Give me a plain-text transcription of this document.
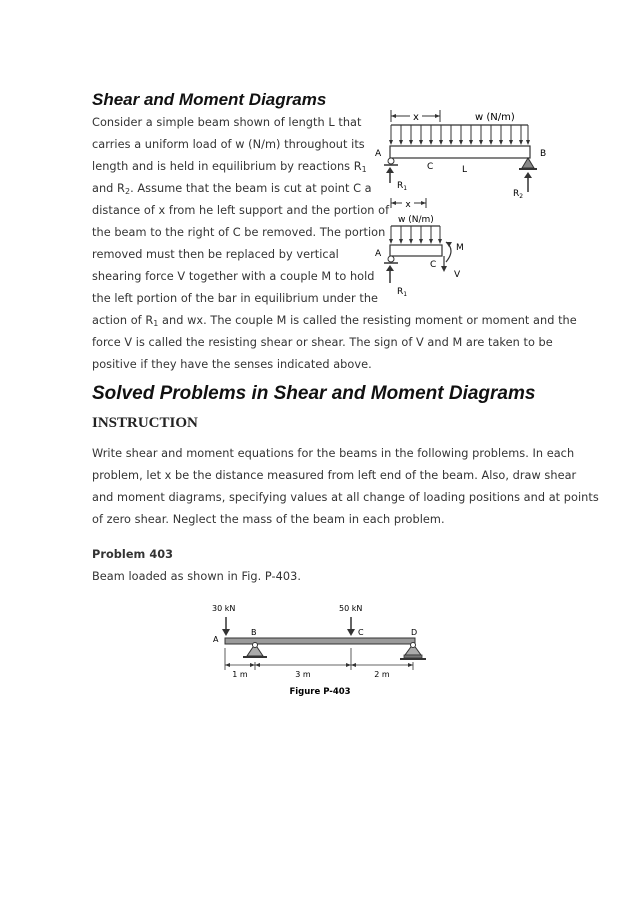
Shear and Moment Diagrams
Consider a simple beam shown of length L that
carries a uniform load of w (N/m) throughout its
length and is held in equilibrium by reactions $R_1$
and $R_2$. Assume that the beam is cut at point C a
distance of x from he left support and the portion of
the beam to the right of C be removed. The portion
removed must then be replaced by vertical
shearing force V together with a couple M to hold
the left portion of the bar in equilibrium under the
action of $R_1$ and wx. The couple M is called the resisting moment or moment and the
force V is called the resisting shear or shear. The sign of V and M are taken to be
positive if they have the senses indicated above.
x	w (N/m)
A	B
C	L
$R_1$
$R_2$
x
w (N/m)
A
C
M
V
$R_1$
Solved Problems in Shear and Moment Diagrams
INSTRUCTION
Write shear and moment equations for the beams in the following problems. In each
problem, let x be the distance measured from left end of the beam. Also, draw shear
and moment diagrams, specifying values at all change of loading positions and at points
of zero shear. Neglect the mass of the beam in each problem.
Problem 403
Beam loaded as shown in Fig. P-403.
30 kN	50 kN
A
B	C	D
1 m	3 m	2 m
Figure P-403
